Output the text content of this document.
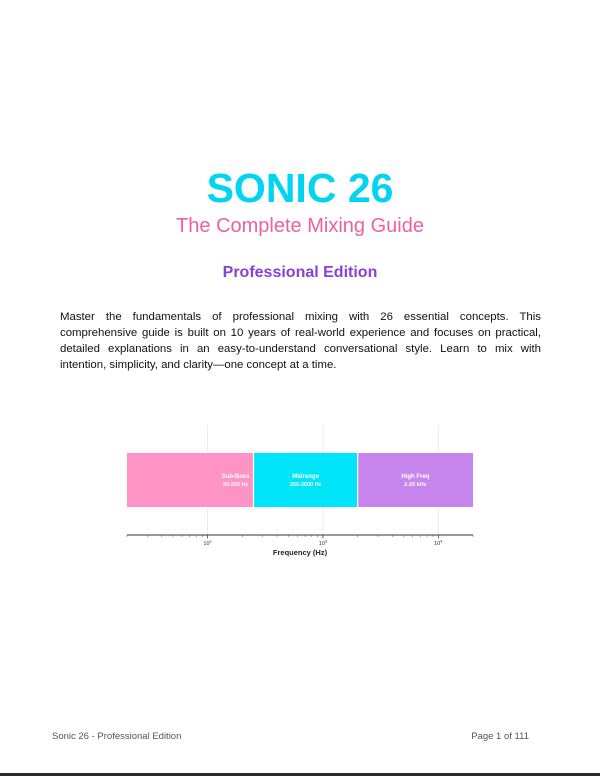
SONIC 26
The Complete Mixing Guide
Professional Edition

Master the fundamentals of professional mixing with 26 essential concepts. This comprehensive guide is built on 10 years of real-world experience and focuses on practical, detailed explanations in an easy-to-understand conversational style. Learn to mix with intention, simplicity, and clarity—one concept at a time.

Sub-Bass
20-250 Hz
Midrange
250-2000 Hz
High Freq
2-20 kHz
$10^2$	$10^3$	$10^4$
Frequency (Hz)
Sonic 26 - Professional Edition	Page 1 of 111
